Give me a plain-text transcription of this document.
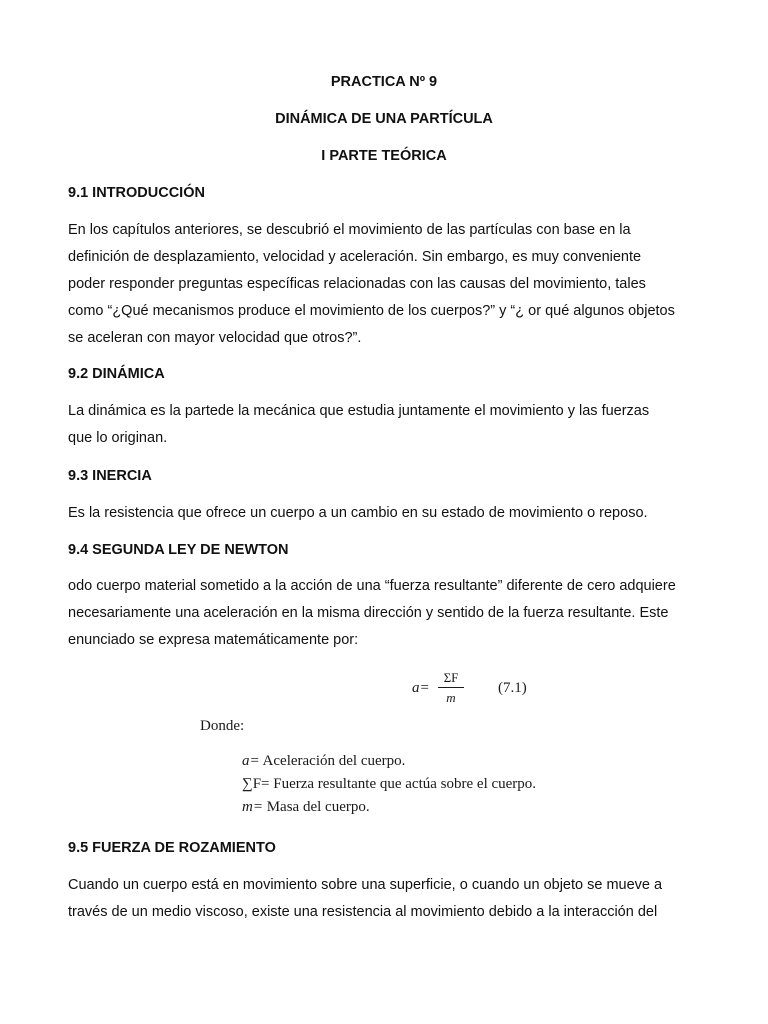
PRACTICA Nº 9
DINÁMICA DE UNA PARTÍCULA
I PARTE TEÓRICA
9.1 INTRODUCCIÓN
En los capítulos anteriores, se descubrió el movimiento de las partículas con base en la
definición de desplazamiento, velocidad y aceleración. Sin embargo, es muy conveniente
poder responder preguntas específicas relacionadas con las causas del movimiento, tales
como “¿Qué mecanismos produce el movimiento de los cuerpos?” y “¿ or qué algunos objetos
se aceleran con mayor velocidad que otros?”.
9.2 DINÁMICA
La dinámica es la partede la mecánica que estudia juntamente el movimiento y las fuerzas
que lo originan.
9.3 INERCIA
Es la resistencia que ofrece un cuerpo a un cambio en su estado de movimiento o reposo.
9.4 SEGUNDA LEY DE NEWTON
odo cuerpo material sometido a la acción de una “fuerza resultante” diferente de cero adquiere
necesariamente una aceleración en la misma dirección y sentido de la fuerza resultante. Este
enunciado se expresa matemáticamente por:
a=
ΣF
m
(7.1)
Donde:
a= Aceleración del cuerpo.
∑F= Fuerza resultante que actúa sobre el cuerpo.
m= Masa del cuerpo.
9.5 FUERZA DE ROZAMIENTO
Cuando un cuerpo está en movimiento sobre una superficie, o cuando un objeto se mueve a
través de un medio viscoso, existe una resistencia al movimiento debido a la interacción del
